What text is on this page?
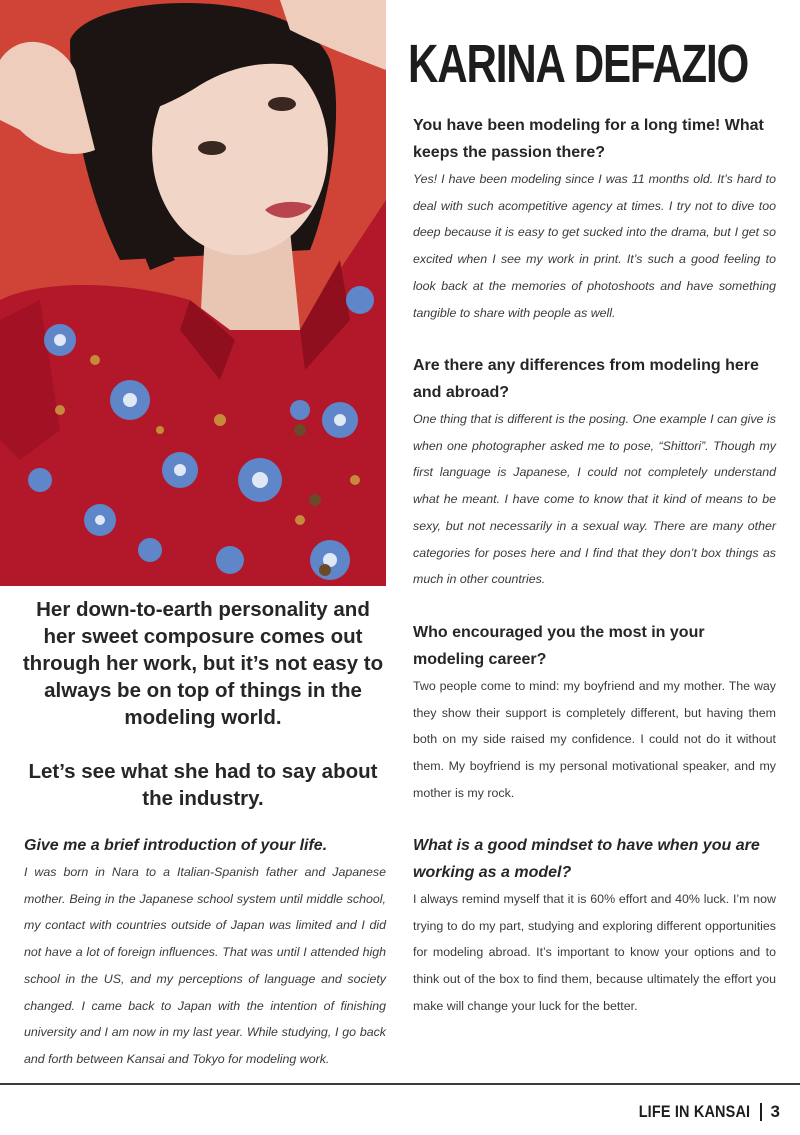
KARINA DEFAZIO
You have been modeling for a long time! What keeps the passion there?
Yes! I have been modeling since I was 11 months old. It’s hard to deal with such acompetitive agency at times. I try not to dive too deep because it is easy to get sucked into the drama, but I get so excited when I see my work in print. It’s such a good feeling to look back at the memories of photoshoots and have something tangible to share with people as well.
Are there any differences from modeling here and abroad?
One thing that is different is the posing. One example I can give is when one photographer asked me to pose, “Shittori”. Though my first language is Japanese, I could not completely understand what he meant. I have come to know that it kind of means to be sexy, but not necessarily in a sexual way. There are many other categories for poses here and I find that they don’t box things as much in other countries.
Who encouraged you the most in your modeling career?
Two people come to mind: my boyfriend and my mother. The way they show their support is completely different, but having them both on my side raised my confidence. I could not do it without them. My boyfriend is my personal motivational speaker, and my mother is my rock.
What is a good mindset to have when you are working as a model?
I always remind myself that it is 60% effort and 40% luck. I’m now trying to do my part, studying and exploring different opportunities for modeling abroad. It’s important to know your options and to think out of the box to find them, because ultimately the effort you make will change your luck for the better.

Her down-to-earth personality and her sweet composure comes out through her work, but it’s not easy to always be on top of things in the modeling world.

Let’s see what she had to say about the industry.

Give me a brief introduction of your life.
I was born in Nara to a Italian-Spanish father and Japanese mother. Being in the Japanese school system until middle school, my contact with countries outside of Japan was limited and I did not have a lot of foreign influences. That was until I attended high school in the US, and my perceptions of language and society changed. I came back to Japan with the intention of finishing university and I am now in my last year. While studying, I go back and forth between Kansai and Tokyo for modeling work.
LIFE IN KANSAI 3
